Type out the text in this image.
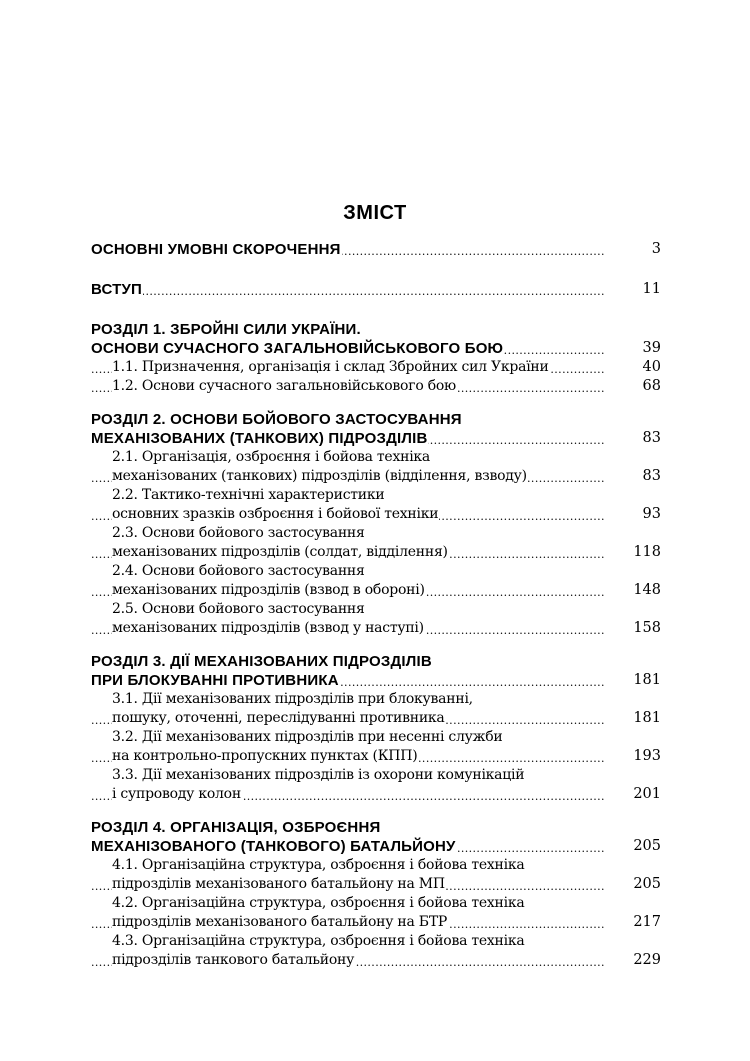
ЗМІСТ
ОСНОВНІ УМОВНІ СКОРОЧЕННЯ	3
. . .
ВСТУП	11
. . .
РОЗДІЛ 1. ЗБРОЙНІ СИЛИ УКРАЇНИ.
ОСНОВИ СУЧАСНОГО ЗАГАЛЬНОВІЙСЬКОВОГО БОЮ	39
. . .
1.1. Призначення, організація і склад Збройних сил України	40
. . .
1.2. Основи сучасного загальновійськового бою	68
. . .
РОЗДІЛ 2. ОСНОВИ БОЙОВОГО ЗАСТОСУВАННЯ
МЕХАНІЗОВАНИХ (ТАНКОВИХ) ПІДРОЗДІЛІВ	83
. . .
2.1. Організація, озброєння і бойова техніка
механізованих (танкових) підрозділів (відділення, взводу)	83
. . .
2.2. Тактико-технічні характеристики
основних зразків озброєння і бойової техніки	93
. . .
2.3. Основи бойового застосування
механізованих підрозділів (солдат, відділення)	118
. . .
2.4. Основи бойового застосування
механізованих підрозділів (взвод в обороні)	148
. . .
2.5. Основи бойового застосування
механізованих підрозділів (взвод у наступі)	158
. . .
РОЗДІЛ 3. ДІЇ МЕХАНІЗОВАНИХ ПІДРОЗДІЛІВ
ПРИ БЛОКУВАННІ ПРОТИВНИКА	181
. . .
3.1. Дії механізованих підрозділів при блокуванні,
пошуку, оточенні, переслідуванні противника	181
. . .
3.2. Дії механізованих підрозділів при несенні служби
на контрольно-пропускних пунктах (КПП)	193
. . .
3.3. Дії механізованих підрозділів із охорони комунікацій
і супроводу колон	201
. . .
РОЗДІЛ 4. ОРГАНІЗАЦІЯ, ОЗБРОЄННЯ
МЕХАНІЗОВАНОГО (ТАНКОВОГО) БАТАЛЬЙОНУ	205
. . .
4.1. Організаційна структура, озброєння і бойова техніка
підрозділів механізованого батальйону на МП	205
. . .
4.2. Організаційна структура, озброєння і бойова техніка
підрозділів механізованого батальйону на БТР	217
. . .
4.3. Організаційна структура, озброєння і бойова техніка
підрозділів танкового батальйону	229
. . .
